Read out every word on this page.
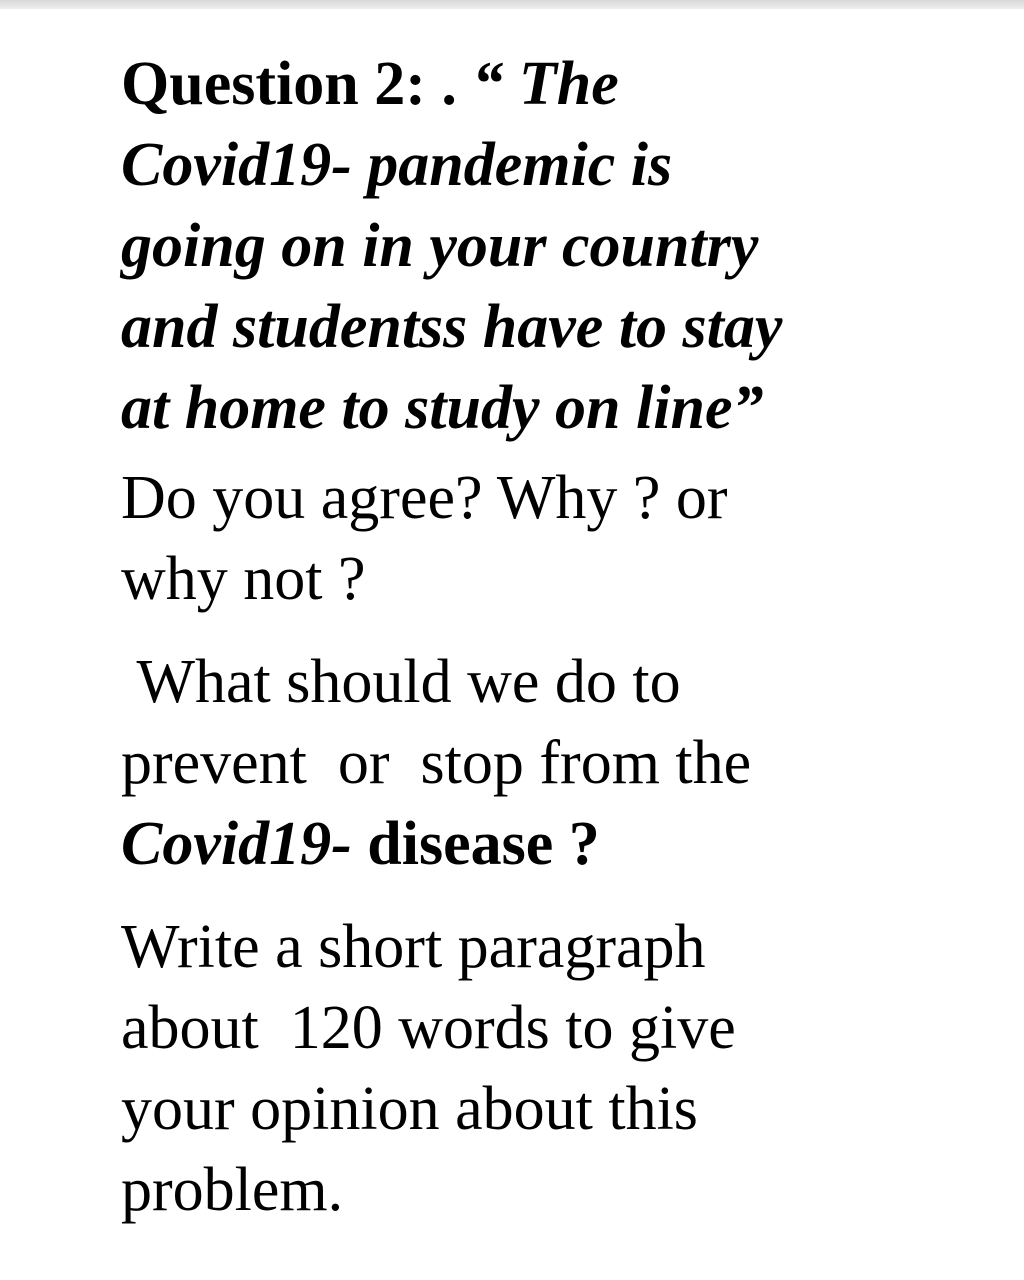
Question 2: . “ The
Covid19- pandemic is
going on in your country
and studentss have to stay
at home to study on line”

Do you agree? Why ? or
why not ?

What should we do to
prevent  or  stop from the
Covid19- disease ?

Write a short paragraph
about  120 words to give
your opinion about this
problem.
